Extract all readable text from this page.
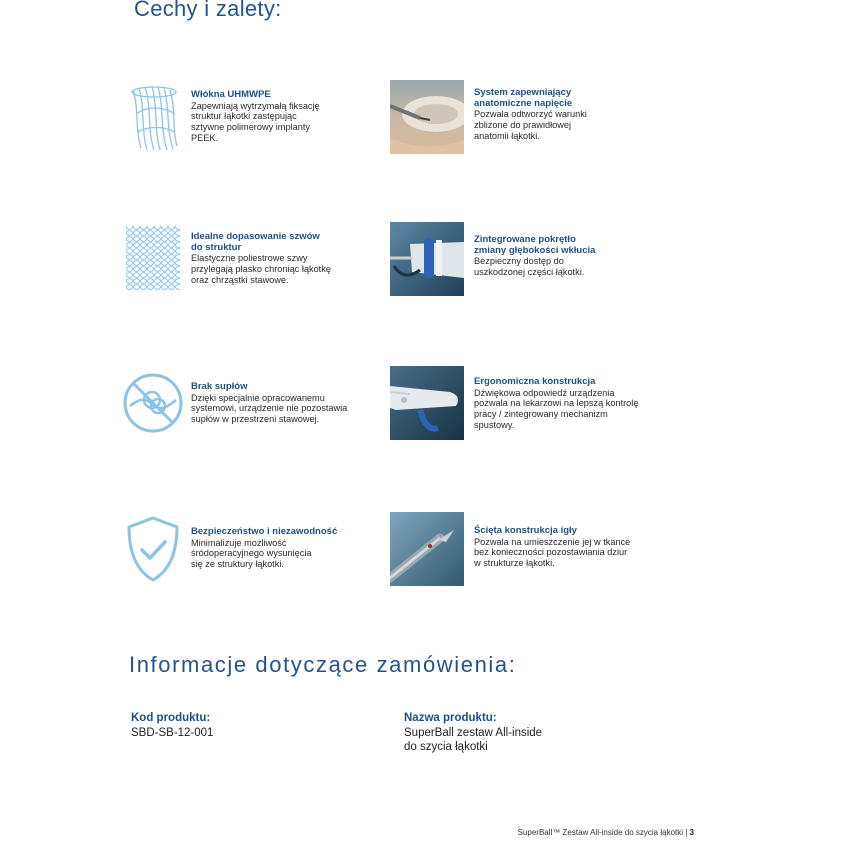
Cechy i zalety:
Włókna UHMWPE
Zapewniają wytrzymałą fiksację
struktur łąkotki zastępując
sztywne polimerowy implanty
PEEK.
Idealne dopasowanie szwów
do struktur
Elastyczne poliestrowe szwy
przylegają płasko chroniąc łąkotkę
oraz chrząstki stawowe.
Brak supłów
Dzięki specjalnie opracowanemu
systemowi, urządzenie nie pozostawia
supłów w przestrzeni stawowej.
Bezpieczeństwo i niezawodność
Minimalizuje możliwość
śródoperacyjnego wysunięcia
się ze struktury łąkotki.
System zapewniający
anatomiczne napięcie
Pozwala odtworzyć warunki
zbliżone do prawidłowej
anatomii łąkotki.
Zintegrowane pokrętło
zmiany głębokości wkłucia
Bezpieczny dostęp do
uszkodzonej części łąkotki.
Ergonomiczna konstrukcja
Dźwiękowa odpowiedź urządzenia
pozwala na lekarzowi na lepszą kontrolę
pracy / zintegrowany mechanizm
spustowy.
Ścięta konstrukcja igły
Pozwala na umieszczenie jej w tkance
bez konieczności pozostawiania dziur
w strukturze łąkotki.
Informacje dotyczące zamówienia:
Kod produktu:
SBD-SB-12-001
Nazwa produktu:
SuperBall zestaw All-inside
do szycia łąkotki
SuperBall™ Zestaw All-inside do szycia łąkotki | 3
